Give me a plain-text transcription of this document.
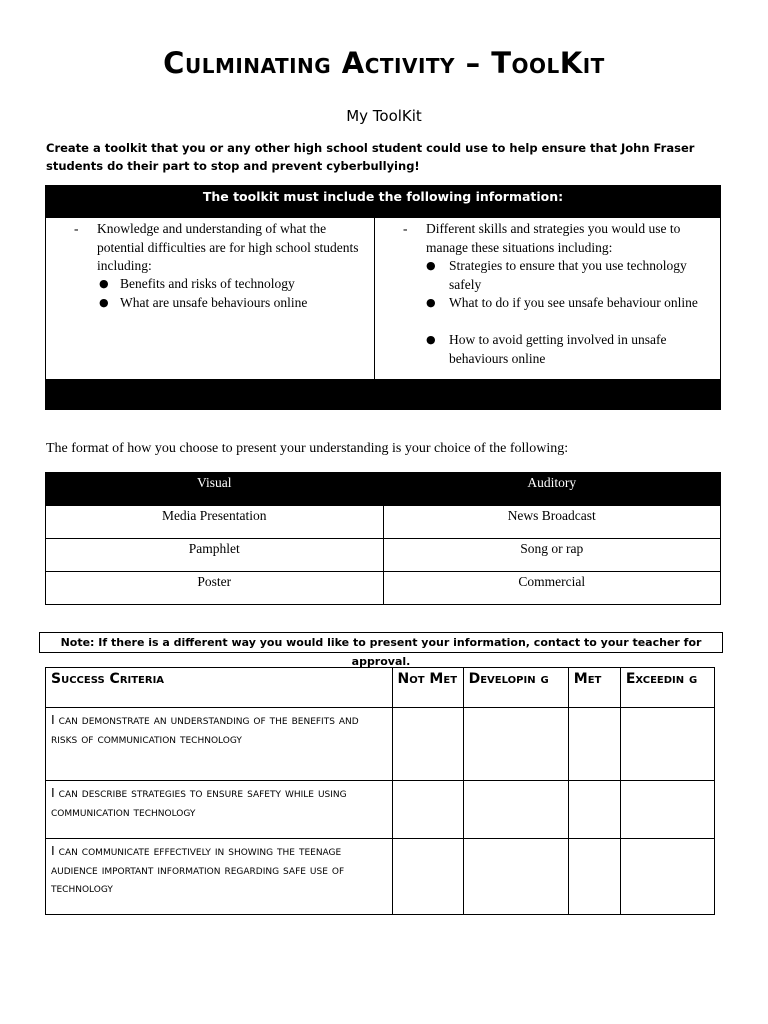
Culminating Activity – ToolKit
My ToolKit
Create a toolkit that you or any other high school student could use to help ensure that John Fraser students do their part to stop and prevent cyberbullying!
The toolkit must include the following information:
- Knowledge and understanding of what the potential difficulties are for high school students including:
● Benefits and risks of technology
● What are unsafe behaviours online
- Different skills and strategies you would use to manage these situations including:
● Strategies to ensure that you use technology safely
● What to do if you see unsafe behaviour online
● How to avoid getting involved in unsafe behaviours online
The format of how you choose to present your understanding is your choice of the following:
Visual	Auditory
Media Presentation	News Broadcast
Pamphlet	Song or rap
Poster	Commercial
Note: If there is a different way you would like to present your information, contact to your teacher for approval.
Success Criteria	Not Met	Developin g	Met	Exceedin g
I can demonstrate an understanding of the benefits and risks of communication technology				
I can describe strategies to ensure safety while using communication technology				
I can communicate effectively in showing the teenage audience important information regarding safe use of technology				
